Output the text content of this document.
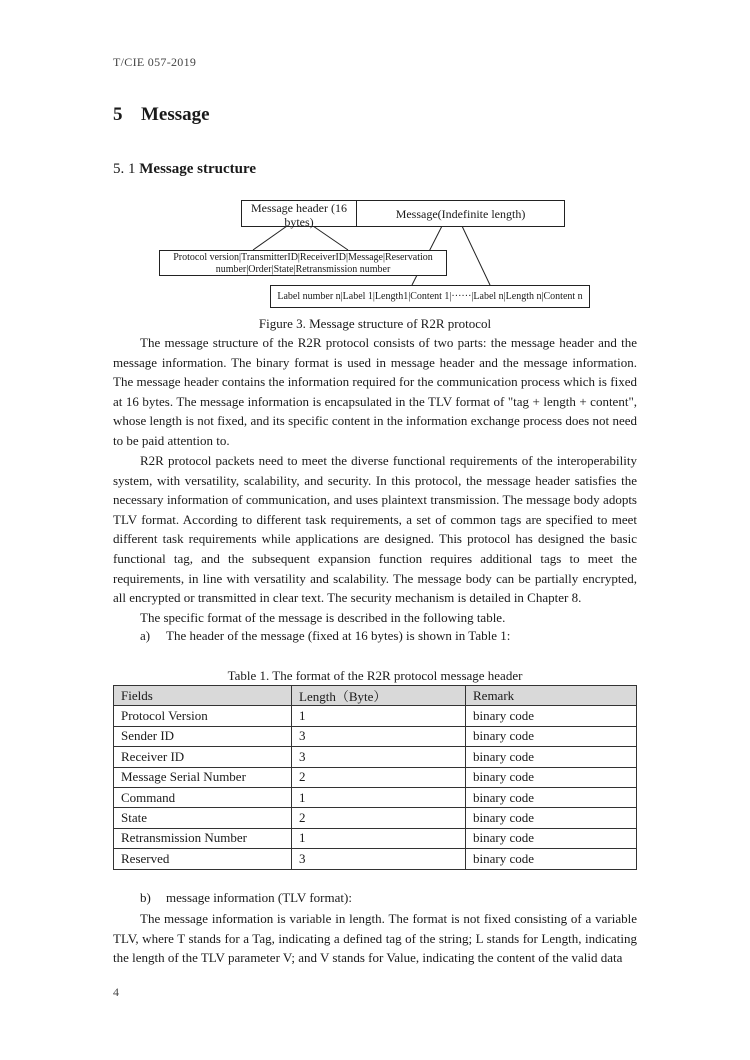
T/CIE 057-2019
5 Message
5. 1 Message structure
Message header (16 bytes)
Message(Indefinite length)
Protocol version|TransmitterID|ReceiverID|Message|Reservation number|Order|State|Retransmission number
Label number n|Label 1|Length1|Content 1|······|Label n|Length n|Content n
Figure 3. Message structure of R2R protocol
The message structure of the R2R protocol consists of two parts: the message header and the message information. The binary format is used in message header and the message information. The message header contains the information required for the communication process which is fixed at 16 bytes. The message information is encapsulated in the TLV format of "tag + length + content", whose length is not fixed, and its specific content in the information exchange process does not need to be paid attention to.
R2R protocol packets need to meet the diverse functional requirements of the interoperability system, with versatility, scalability, and security. In this protocol, the message header satisfies the necessary information of communication, and uses plaintext transmission. The message body adopts TLV format. According to different task requirements, a set of common tags are specified to meet different task requirements while applications are designed. This protocol has designed the basic functional tag, and the subsequent expansion function requires additional tags to meet the requirements, in line with versatility and scalability. The message body can be partially encrypted, all encrypted or transmitted in clear text. The security mechanism is detailed in Chapter 8.
The specific format of the message is described in the following table.
a) The header of the message (fixed at 16 bytes) is shown in Table 1:
Table 1. The format of the R2R protocol message header
Fields	Length（Byte）	Remark
Protocol Version	1	binary code
Sender ID	3	binary code
Receiver ID	3	binary code
Message Serial Number	2	binary code
Command	1	binary code
State	2	binary code
Retransmission Number	1	binary code
Reserved	3	binary code
b) message information (TLV format):
The message information is variable in length. The format is not fixed consisting of a variable TLV, where T stands for a Tag, indicating a defined tag of the string; L stands for Length, indicating the length of the TLV parameter V; and V stands for Value, indicating the content of the valid data
4
